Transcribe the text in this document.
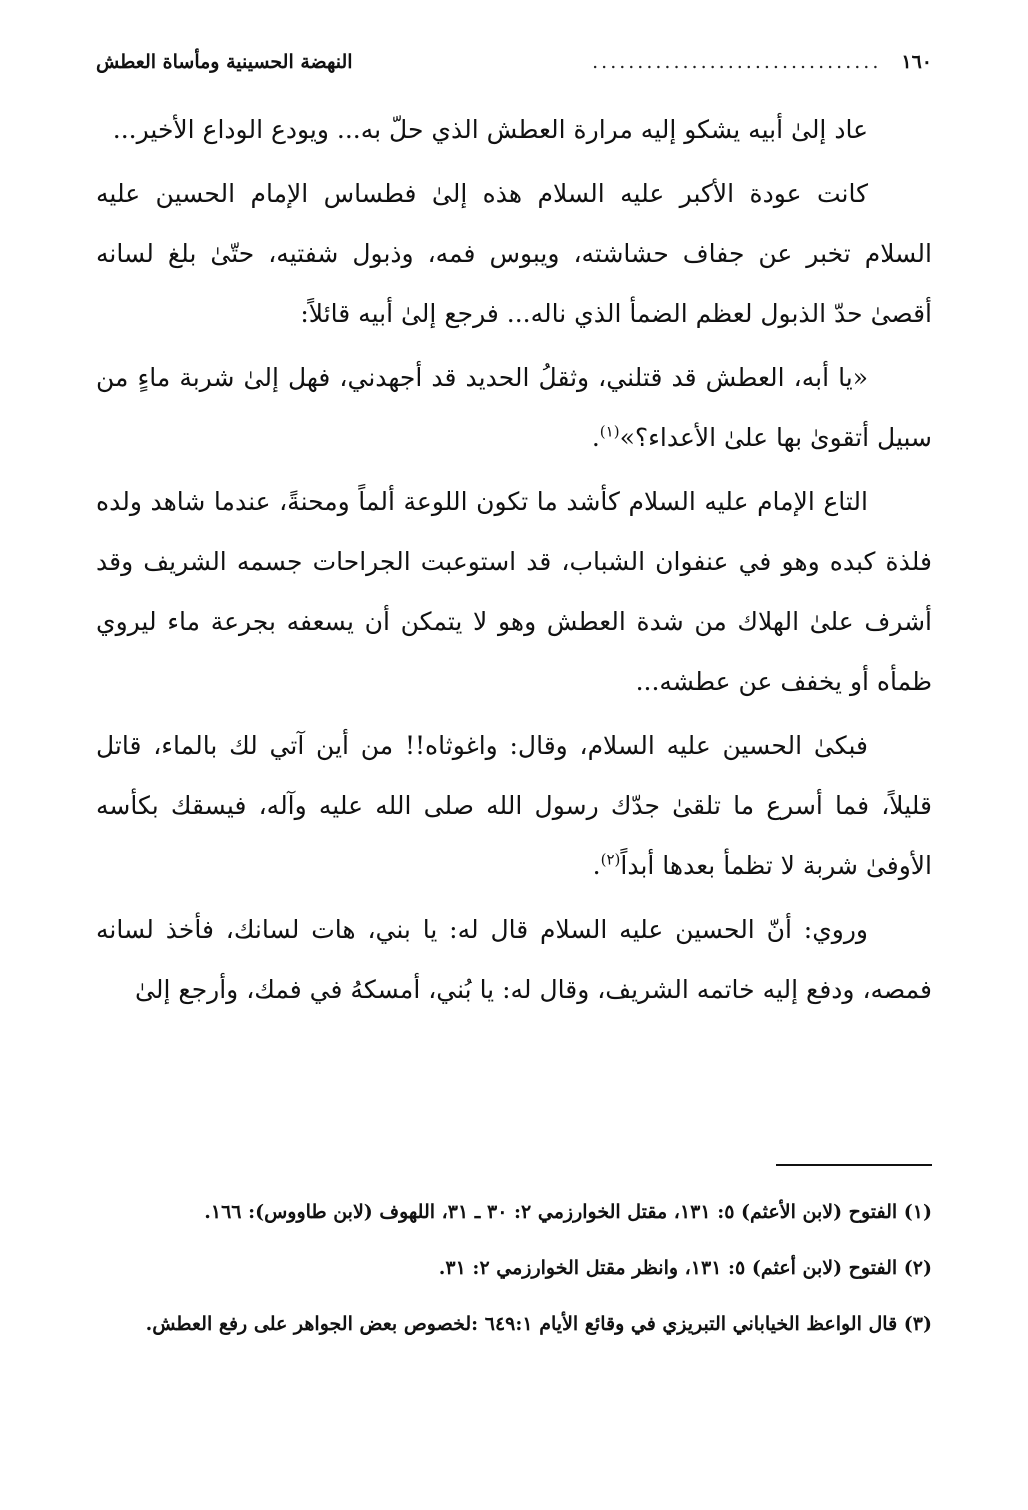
١٦٠
................................
النهضة الحسينية ومأساة العطش

عاد إلىٰ أبيه يشكو إليه مرارة العطش الذي حلّ به... ويودع الوداع الأخير...

كانت عودة الأكبر عليه السلام هذه إلىٰ فطساس الإمام الحسين عليه السلام تخبر عن جفاف حشاشته، ويبوس فمه، وذبول شفتيه، حتّىٰ بلغ لسانه أقصىٰ حدّ الذبول لعظم الضمأ الذي ناله... فرجع إلىٰ أبيه قائلاً:

«يا أبه، العطش قد قتلني، وثقلُ الحديد قد أجهدني، فهل إلىٰ شربة ماءٍ من سبيل أتقوىٰ بها علىٰ الأعداء؟»$^{(١)}$.

التاع الإمام عليه السلام كأشد ما تكون اللوعة ألماً ومحنةً، عندما شاهد ولده فلذة كبده وهو في عنفوان الشباب، قد استوعبت الجراحات جسمه الشريف وقد أشرف علىٰ الهلاك من شدة العطش وهو لا يتمكن أن يسعفه بجرعة ماء ليروي ظمأه أو يخفف عن عطشه...

فبكىٰ الحسين عليه السلام، وقال: واغوثاه!! من أين آتي لك بالماء، قاتل قليلاً، فما أسرع ما تلقىٰ جدّك رسول الله صلى الله عليه وآله، فيسقك بكأسه الأوفىٰ شربة لا تظمأ بعدها أبداً$^{(٢)}$.

وروي: أنّ الحسين عليه السلام قال له: يا بني، هات لسانك، فأخذ لسانه فمصه، ودفع إليه خاتمه الشريف، وقال له: يا بُني، أمسكهُ في فمك، وأرجع إلىٰ

(١) الفتوح (لابن الأعثم) ٥: ١٣١، مقتل الخوارزمي ٢: ٣٠ ـ ٣١، اللهوف (لابن طاووس): ١٦٦.

(٢) الفتوح (لابن أعثم) ٥: ١٣١، وانظر مقتل الخوارزمي ٢: ٣١.

(٣) قال الواعظ الخياباني التبريزي في وقائع الأيام ٦٤٩:١ :لخصوص بعض الجواهر على رفع العطش.
